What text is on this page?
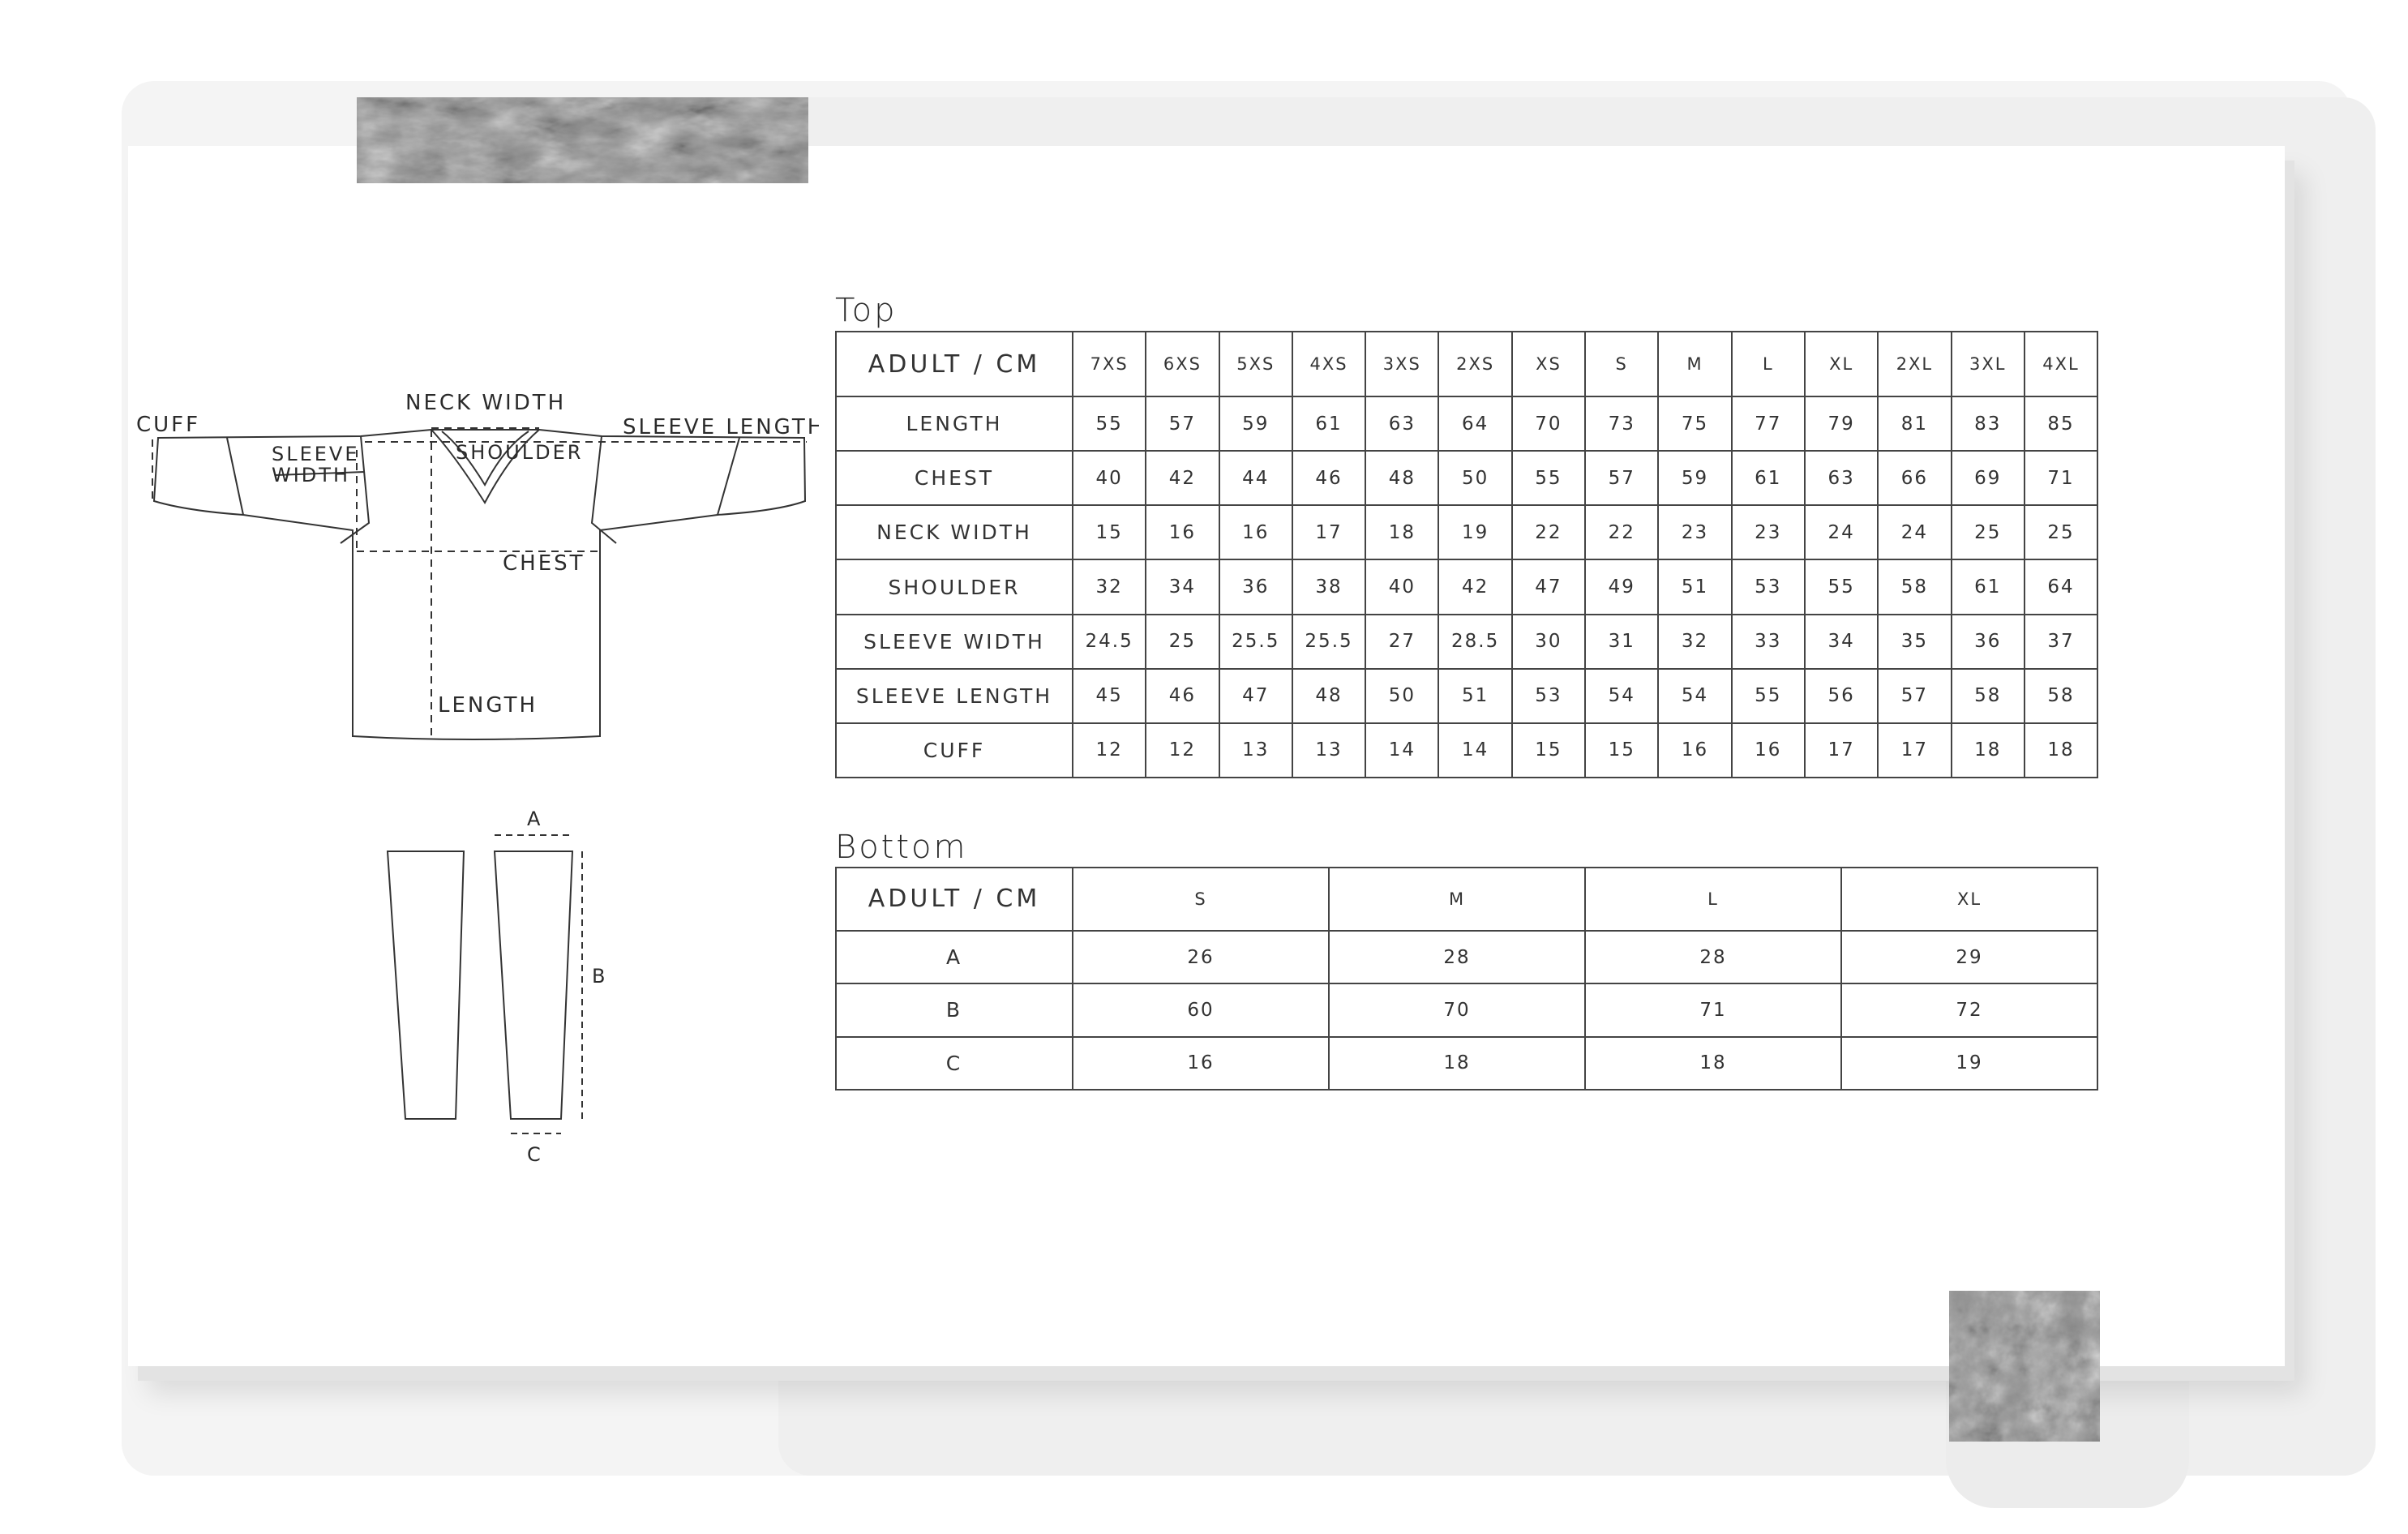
CUFF
NECK WIDTH
SLEEVE LENGTH
SLEEVE
WIDTH
SHOULDER
CHEST
LENGTH
A
B
C
Top
ADULT / CM	7XS	6XS	5XS	4XS	3XS	2XS	XS	S	M	L	XL	2XL	3XL	4XL
LENGTH	55	57	59	61	63	64	70	73	75	77	79	81	83	85
CHEST	40	42	44	46	48	50	55	57	59	61	63	66	69	71
NECK WIDTH	15	16	16	17	18	19	22	22	23	23	24	24	25	25
SHOULDER	32	34	36	38	40	42	47	49	51	53	55	58	61	64
SLEEVE WIDTH	24.5	25	25.5	25.5	27	28.5	30	31	32	33	34	35	36	37
SLEEVE LENGTH	45	46	47	48	50	51	53	54	54	55	56	57	58	58
CUFF	12	12	13	13	14	14	15	15	16	16	17	17	18	18
Bottom
ADULT / CM	S	M	L	XL
A	26	28	28	29
B	60	70	71	72
C	16	18	18	19
